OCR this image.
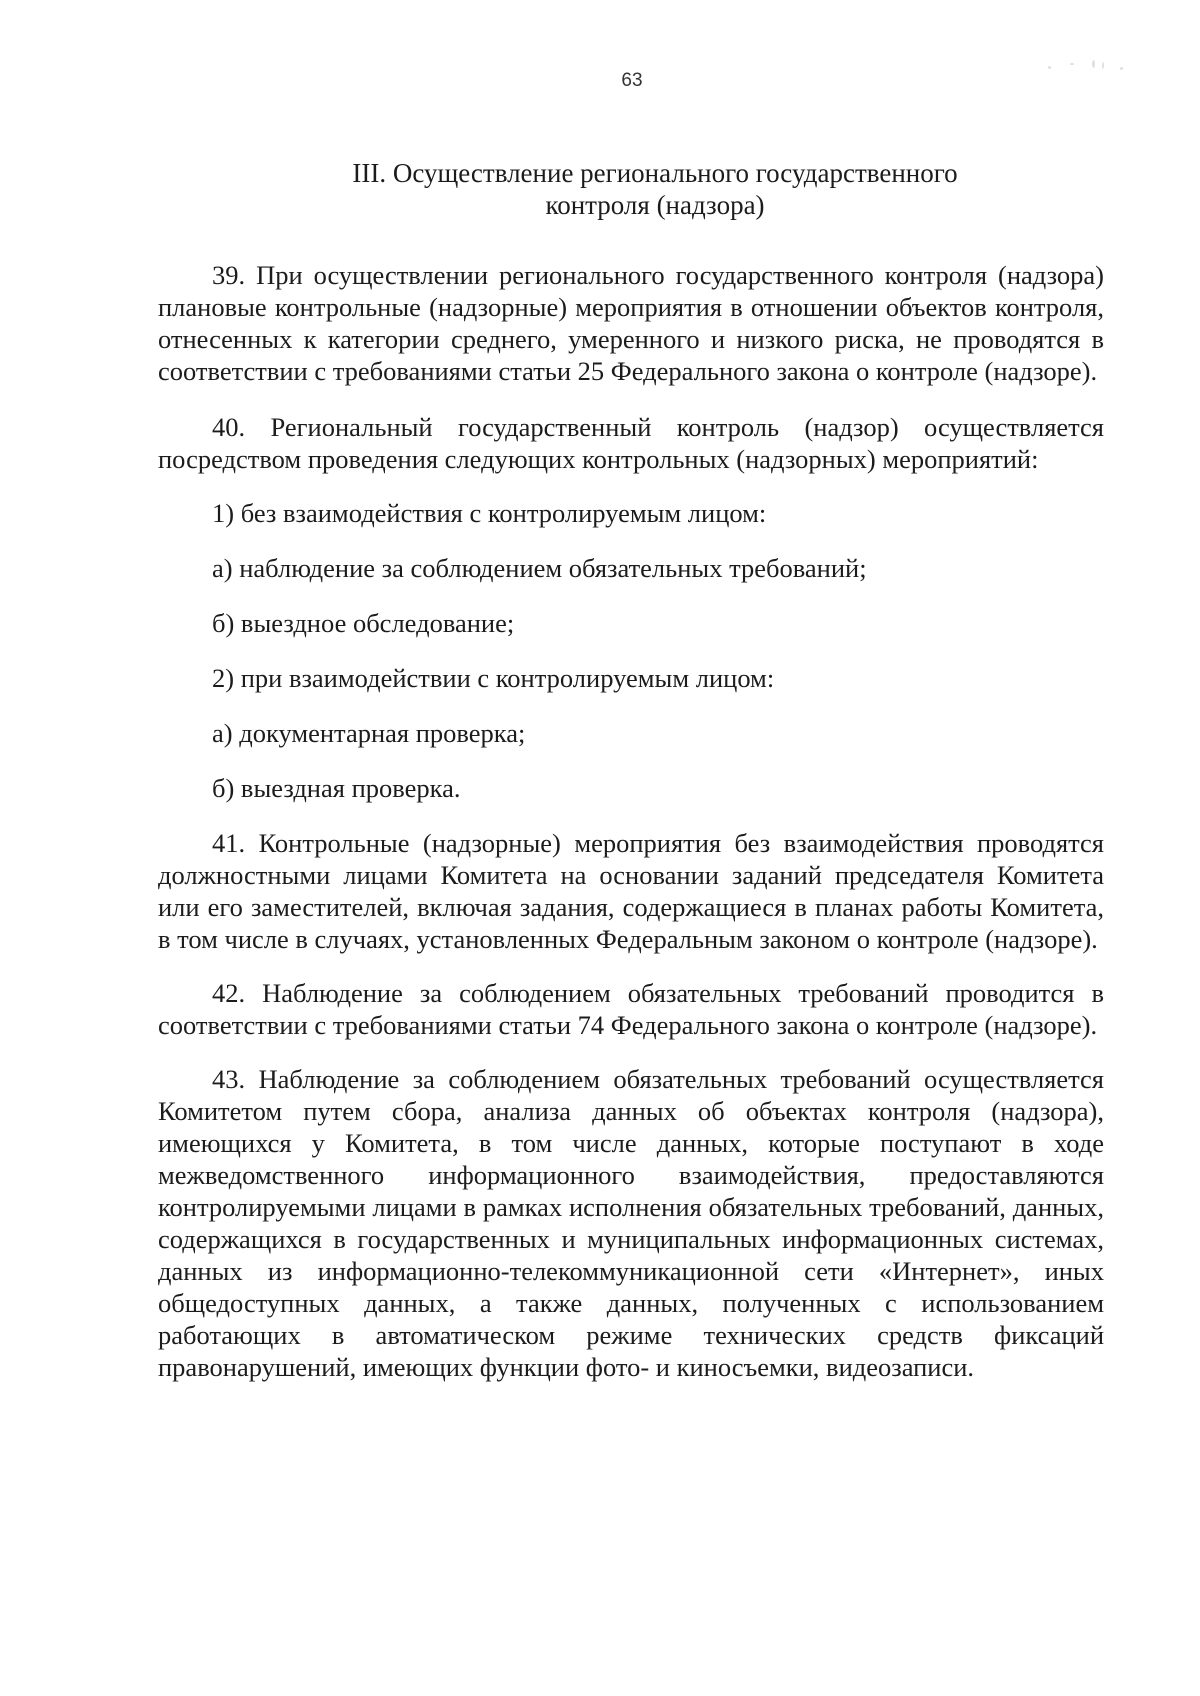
63
III. Осуществление регионального государственного
контроля (надзора)

39. При осуществлении регионального государственного контроля (надзора) плановые контрольные (надзорные) мероприятия в отношении объектов контроля, отнесенных к категории среднего, умеренного и низкого риска, не проводятся в соответствии с требованиями статьи 25 Федерального закона о контроле (надзоре).

40. Региональный государственный контроль (надзор) осуществляется посредством проведения следующих контрольных (надзорных) мероприятий:

1) без взаимодействия с контролируемым лицом:

а) наблюдение за соблюдением обязательных требований;

б) выездное обследование;

2) при взаимодействии с контролируемым лицом:

а) документарная проверка;

б) выездная проверка.

41. Контрольные (надзорные) мероприятия без взаимодействия проводятся должностными лицами Комитета на основании заданий председателя Комитета или его заместителей, включая задания, содержащиеся в планах работы Комитета, в том числе в случаях, установленных Федеральным законом о контроле (надзоре).

42. Наблюдение за соблюдением обязательных требований проводится в соответствии с требованиями статьи 74 Федерального закона о контроле (надзоре).

43. Наблюдение за соблюдением обязательных требований осуществляется Комитетом путем сбора, анализа данных об объектах контроля (надзора), имеющихся у Комитета, в том числе данных, которые поступают в ходе межведомственного информационного взаимодействия, предоставляются контролируемыми лицами в рамках исполнения обязательных требований, данных, содержащихся в государственных и муниципальных информационных системах, данных из информационно-телекоммуникационной сети «Интернет», иных общедоступных данных, а также данных, полученных с использованием работающих в автоматическом режиме технических средств фиксаций правонарушений, имеющих функции фото- и киносъемки, видеозаписи.
